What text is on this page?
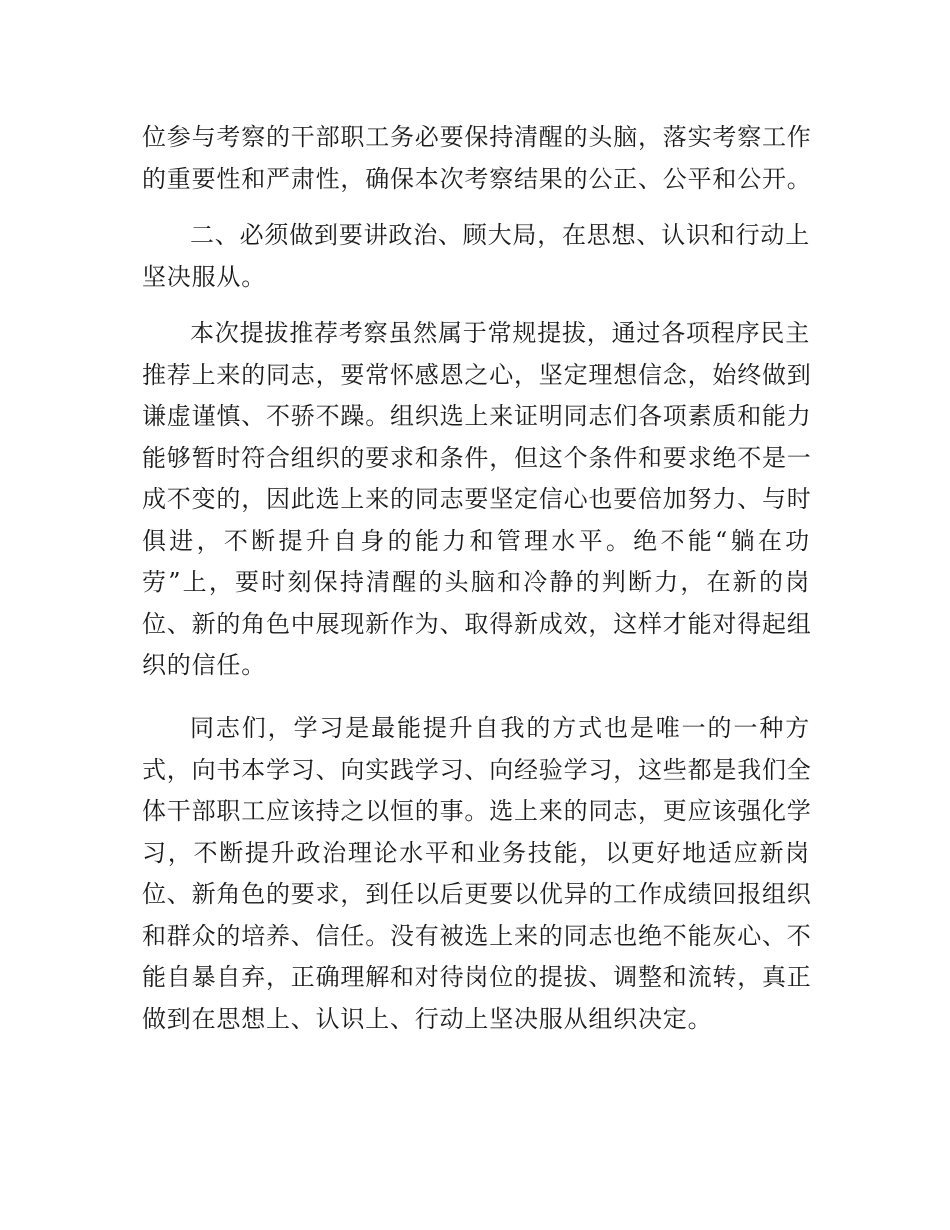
位参与考察的干部职工务必要保持清醒的头脑，落实考察工作
的重要性和严肃性，确保本次考察结果的公正、公平和公开。
二、必须做到要讲政治、顾大局，在思想、认识和行动上
坚决服从。
本次提拔推荐考察虽然属于常规提拔，通过各项程序民主
推荐上来的同志，要常怀感恩之心，坚定理想信念，始终做到
谦虚谨慎、不骄不躁。组织选上来证明同志们各项素质和能力
能够暂时符合组织的要求和条件，但这个条件和要求绝不是一
成不变的，因此选上来的同志要坚定信心也要倍加努力、与时
俱进，不断提升自身的能力和管理水平。绝不能“躺在功
劳”上，要时刻保持清醒的头脑和冷静的判断力，在新的岗
位、新的角色中展现新作为、取得新成效，这样才能对得起组
织的信任。
同志们，学习是最能提升自我的方式也是唯一的一种方
式，向书本学习、向实践学习、向经验学习，这些都是我们全
体干部职工应该持之以恒的事。选上来的同志，更应该强化学
习，不断提升政治理论水平和业务技能，以更好地适应新岗
位、新角色的要求，到任以后更要以优异的工作成绩回报组织
和群众的培养、信任。没有被选上来的同志也绝不能灰心、不
能自暴自弃，正确理解和对待岗位的提拔、调整和流转，真正
做到在思想上、认识上、行动上坚决服从组织决定。
